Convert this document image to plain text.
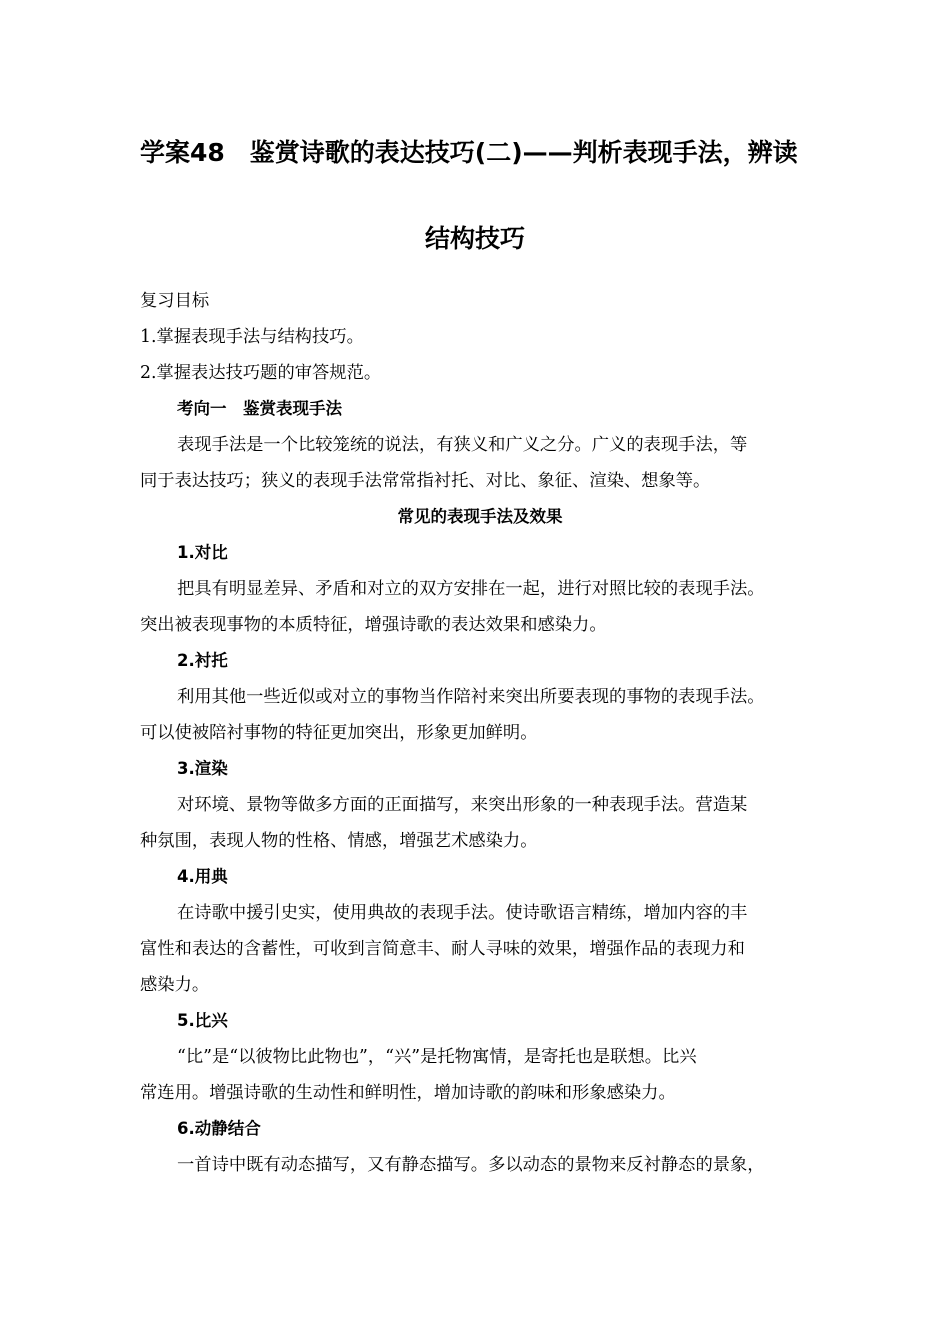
学案48　鉴赏诗歌的表达技巧(二)——判析表现手法，辨读
结构技巧
复习目标
1.掌握表现手法与结构技巧。
2.掌握表达技巧题的审答规范。
考向一　鉴赏表现手法
表现手法是一个比较笼统的说法，有狭义和广义之分。广义的表现手法，等
同于表达技巧；狭义的表现手法常常指衬托、对比、象征、渲染、想象等。
常见的表现手法及效果
1.对比
把具有明显差异、矛盾和对立的双方安排在一起，进行对照比较的表现手法。
突出被表现事物的本质特征，增强诗歌的表达效果和感染力。
2.衬托
利用其他一些近似或对立的事物当作陪衬来突出所要表现的事物的表现手法。
可以使被陪衬事物的特征更加突出，形象更加鲜明。
3.渲染
对环境、景物等做多方面的正面描写，来突出形象的一种表现手法。营造某
种氛围，表现人物的性格、情感，增强艺术感染力。
4.用典
在诗歌中援引史实，使用典故的表现手法。使诗歌语言精练，增加内容的丰
富性和表达的含蓄性，可收到言简意丰、耐人寻味的效果，增强作品的表现力和
感染力。
5.比兴
“比”是“以彼物比此物也”，“兴”是托物寓情，是寄托也是联想。比兴
常连用。增强诗歌的生动性和鲜明性，增加诗歌的韵味和形象感染力。
6.动静结合
一首诗中既有动态描写，又有静态描写。多以动态的景物来反衬静态的景象，
